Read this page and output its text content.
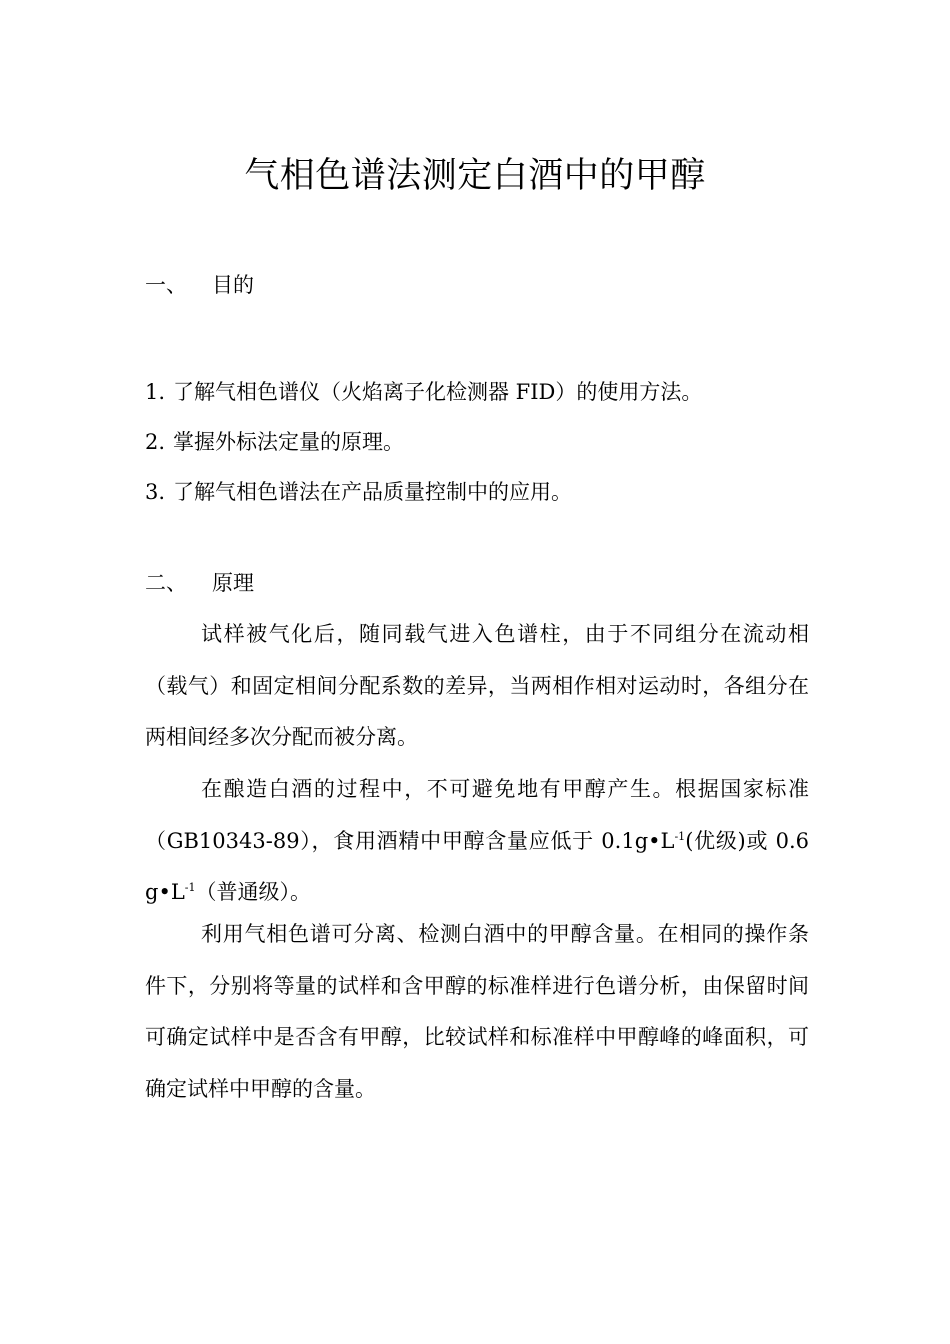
气相色谱法测定白酒中的甲醇
一、 目的
1. 了解气相色谱仪（火焰离子化检测器 FID）的使用方法。
2. 掌握外标法定量的原理。
3. 了解气相色谱法在产品质量控制中的应用。
二、 原理

试样被气化后，随同载气进入色谱柱，由于不同组分在流动相（载气）和固定相间分配系数的差异，当两相作相对运动时，各组分在两相间经多次分配而被分离。

在酿造白酒的过程中，不可避免地有甲醇产生。根据国家标准（GB10343-89），食用酒精中甲醇含量应低于 $0.1g•L^{-1}$(优级)或 0.6 $g•L^{-1}$（普通级）。

利用气相色谱可分离、检测白酒中的甲醇含量。在相同的操作条件下，分别将等量的试样和含甲醇的标准样进行色谱分析，由保留时间可确定试样中是否含有甲醇，比较试样和标准样中甲醇峰的峰面积，可确定试样中甲醇的含量。
